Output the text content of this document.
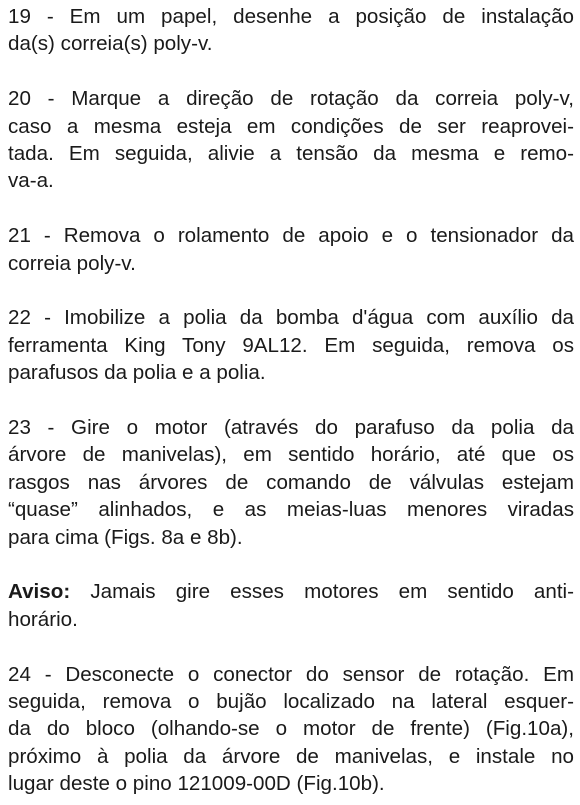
19 - Em um papel, desenhe a posição de instalação
da(s) correia(s) poly-v.

20 - Marque a direção de rotação da correia poly-v,
caso a mesma esteja em condições de ser reaprovei-
tada. Em seguida, alivie a tensão da mesma e remo-
va-a.

21 - Remova o rolamento de apoio e o tensionador da
correia poly-v.

22 - Imobilize a polia da bomba d'água com auxílio da
ferramenta King Tony 9AL12. Em seguida, remova os
parafusos da polia e a polia.

23 - Gire o motor (através do parafuso da polia da
árvore de manivelas), em sentido horário, até que os
rasgos nas árvores de comando de válvulas estejam
“quase” alinhados, e as meias-luas menores viradas
para cima (Figs. 8a e 8b).

Aviso: Jamais gire esses motores em sentido anti-
horário.

24 - Desconecte o conector do sensor de rotação. Em
seguida, remova o bujão localizado na lateral esquer-
da do bloco (olhando-se o motor de frente) (Fig.10a),
próximo à polia da árvore de manivelas, e instale no
lugar deste o pino 121009-00D (Fig.10b).
